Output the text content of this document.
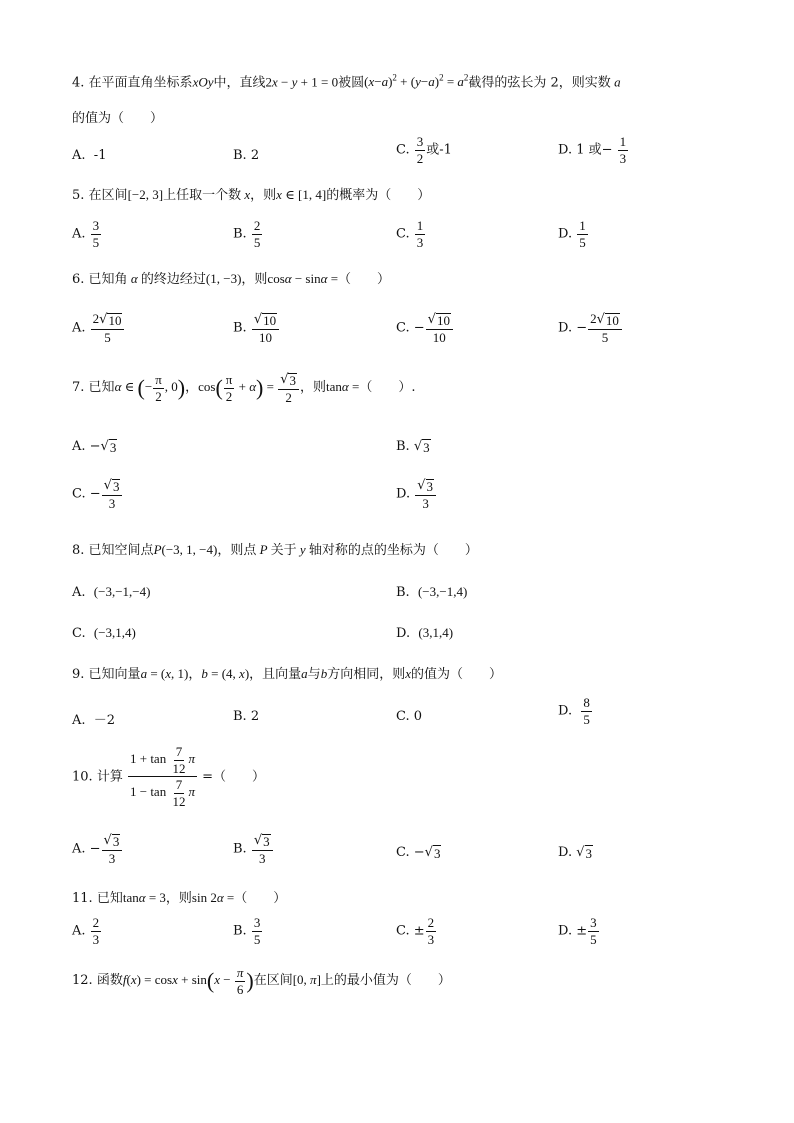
4. 在平面直角坐标系xOy中，直线2x − y + 1 = 0被圆$(x-a)^2 + (y-a)^2 = a^2$截得的弦长为 2，则实数 a
的值为（　　）
A. -1	B. 2	C. $\frac{3}{2}$ 或-1	D. 1 或− $\frac{1}{3}$
5. 在区间[−2, 3]上任取一个数 x，则x ∈ [1, 4]的概率为（　　）
A. $\frac{3}{5}$	B. $\frac{2}{5}$	C. $\frac{1}{3}$	D. $\frac{1}{5}$
6. 已知角 α 的终边经过(1, −3)，则cosα − sinα =（　　）
A. $\frac{2 √ 10}{5}$	B. $\frac{√ 10}{10}$	C. − $\frac{√ 10}{10}$	D. − $\frac{2 √ 10}{5}$
7. 已知α ∈ (− $\frac{\pi}{2}$ , 0)，$\cos( \frac{\pi}{2} + \alpha) = \frac{√ 3}{2}$ ，则tanα =（　　）.
A. − √ 3	B. √ 3
C. − $\frac{√ 3}{3}$	D. $\frac{√ 3}{3}$
8. 已知空间点P(−3, 1, −4)，则点 P 关于 y 轴对称的点的坐标为（　　）
A.  (−3,−1,−4)	B.  (−3,−1,4)
C.  (−3,1,4)	D.  (3,1,4)
9. 已知向量a = (x, 1)，b = (4, x)，且向量a与b方向相同，则x的值为（　　）
A.  －2	B. 2	C. 0	D. $\frac{8}{5}$
10. 计算 $\frac{1 + \tan \frac{7}{12} \pi}{1 - \tan \frac{7}{12} \pi}$ =（　　）
A. − $\frac{√ 3}{3}$	B. $\frac{√ 3}{3}$	C. − √ 3	D. √ 3
11. 已知tanα = 3，则sin 2α =（　　）
A. $\frac{2}{3}$	B. $\frac{3}{5}$	C. ± $\frac{2}{3}$	D. ± $\frac{3}{5}$
12. 函数$f(x) = \cos x + \sin(x - \frac{\pi}{6}$ )在区间[0, π]上的最小值为（　　）
